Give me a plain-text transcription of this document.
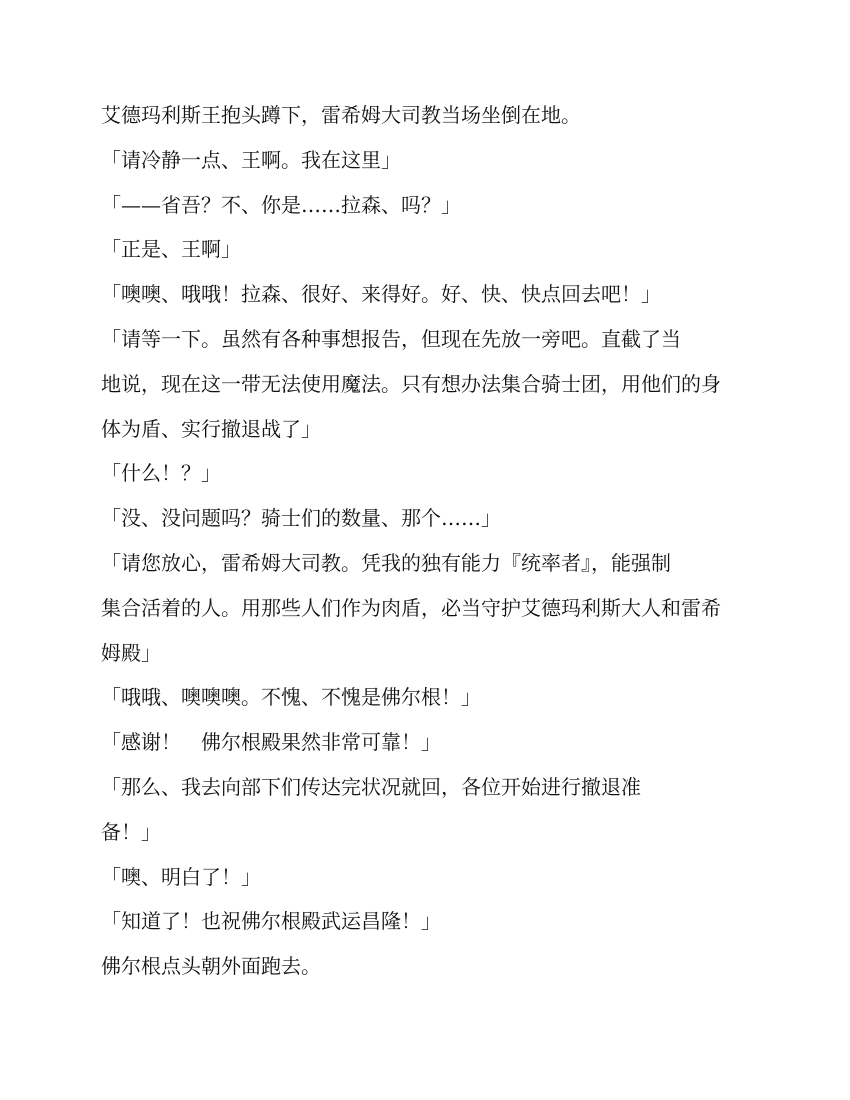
艾德玛利斯王抱头蹲下，雷希姆大司教当场坐倒在地。
「请冷静一点、王啊。我在这里」
「——省吾？不、你是……拉森、吗？」
「正是、王啊」
「噢噢、哦哦！拉森、很好、来得好。好、快、快点回去吧！」
「请等一下。虽然有各种事想报告，但现在先放一旁吧。直截了当
地说，现在这一带无法使用魔法。只有想办法集合骑士团，用他们的身
体为盾、实行撤退战了」
「什么！？」
「没、没问题吗？骑士们的数量、那个……」
「请您放心，雷希姆大司教。凭我的独有能力『统率者』，能强制
集合活着的人。用那些人们作为肉盾，必当守护艾德玛利斯大人和雷希
姆殿」
「哦哦、噢噢噢。不愧、不愧是佛尔根！」
「感谢！　佛尔根殿果然非常可靠！」
「那么、我去向部下们传达完状况就回，各位开始进行撤退准
备！」
「噢、明白了！」
「知道了！也祝佛尔根殿武运昌隆！」
佛尔根点头朝外面跑去。
